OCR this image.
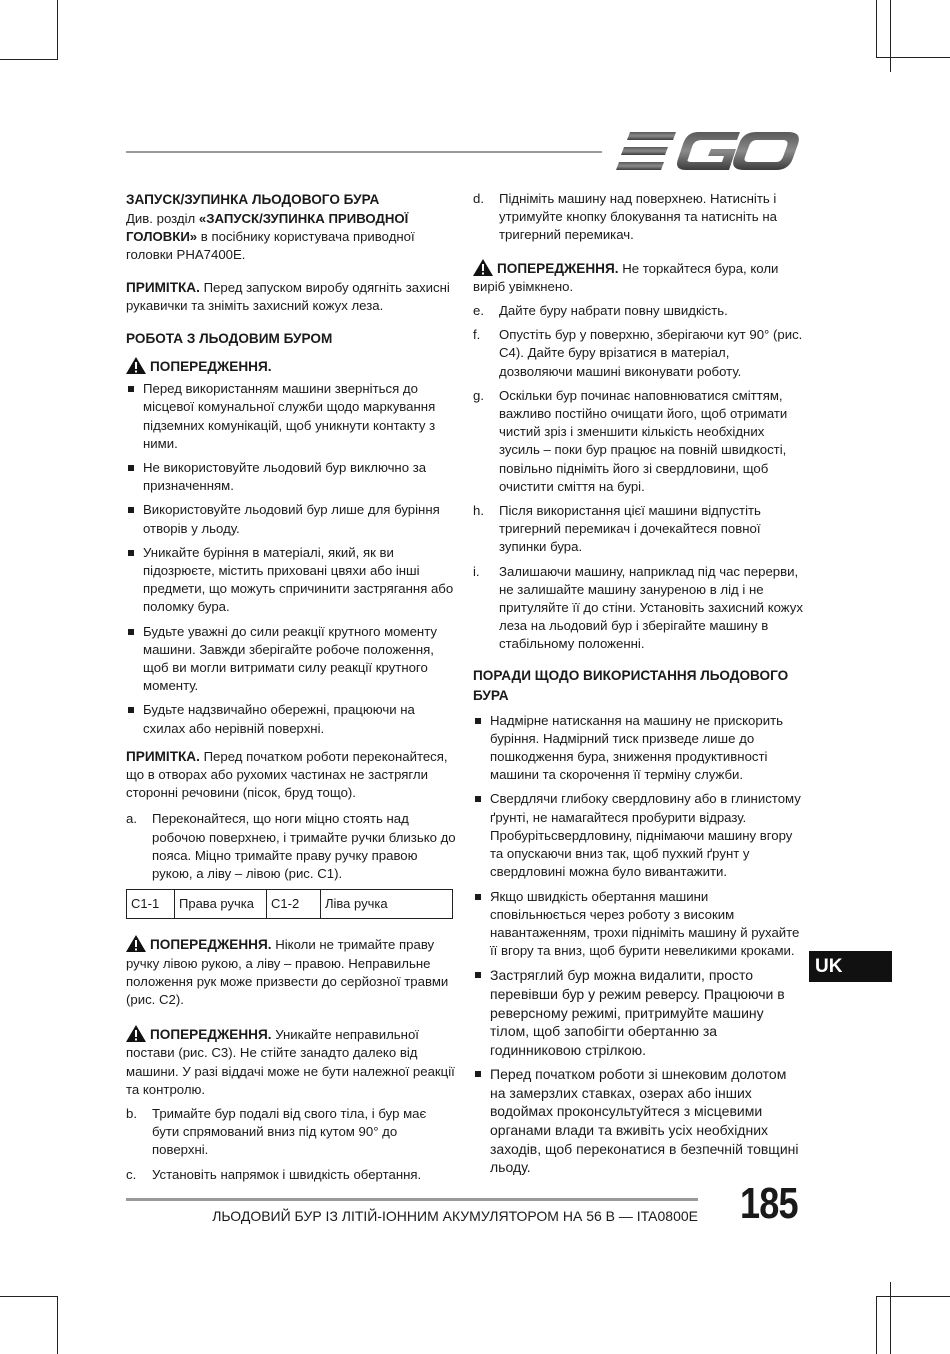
ЗАПУСК/ЗУПИНКА ЛЬОДОВОГО БУРА
Див. розділ «ЗАПУСК/ЗУПИНКА ПРИВОДНОЇ ГОЛОВКИ» в посібнику користувача приводної головки PHA7400E.
ПРИМІТКА. Перед запуском виробу одягніть захисні рукавички та зніміть захисний кожух леза.
РОБОТА З ЛЬОДОВИМ БУРОМ
ПОПЕРЕДЖЕННЯ.
Перед використанням машини зверніться до місцевої комунальної служби щодо маркування підземних комунікацій, щоб уникнути контакту з ними.
Не використовуйте льодовий бур виключно за призначенням.
Використовуйте льодовий бур лише для буріння отворів у льоду.
Уникайте буріння в матеріалі, який, як ви підозрюєте, містить приховані цвяхи або інші предмети, що можуть спричинити застрягання або поломку бура.
Будьте уважні до сили реакції крутного моменту машини. Завжди зберігайте робоче положення, щоб ви могли витримати силу реакції крутного моменту.
Будьте надзвичайно обережні, працюючи на схилах або нерівній поверхні.
ПРИМІТКА. Перед початком роботи переконайтеся, що в отворах або рухомих частинах не застрягли сторонні речовини (пісок, бруд тощо).
a. Переконайтеся, що ноги міцно стоять над робочою поверхнею, і тримайте ручки близько до пояса. Міцно тримайте праву ручку правою рукою, а ліву – лівою (рис. C1).
C1-1	Права ручка	C1-2	Ліва ручка
ПОПЕРЕДЖЕННЯ. Ніколи не тримайте праву ручку лівою рукою, а ліву – правою. Неправильне положення рук може призвести до серйозної травми (рис. C2).
ПОПЕРЕДЖЕННЯ. Уникайте неправильної постави (рис. C3). Не стійте занадто далеко від машини. У разі віддачі може не бути належної реакції та контролю.
b. Тримайте бур подалі від свого тіла, і бур має бути спрямований вниз під кутом 90° до поверхні.
c. Установіть напрямок і швидкість обертання.
d. Підніміть машину над поверхнею. Натисніть і утримуйте кнопку блокування та натисніть на тригерний перемикач.
ПОПЕРЕДЖЕННЯ. Не торкайтеся бура, коли виріб увімкнено.
e. Дайте буру набрати повну швидкість.
f. Опустіть бур у поверхню, зберігаючи кут 90° (рис. C4). Дайте буру врізатися в матеріал, дозволяючи машині виконувати роботу.
g. Оскільки бур починає наповнюватися сміттям, важливо постійно очищати його, щоб отримати чистий зріз і зменшити кількість необхідних зусиль – поки бур працює на повній швидкості, повільно підніміть його зі свердловини, щоб очистити сміття на бурі.
h. Після використання цієї машини відпустіть тригерний перемикач і дочекайтеся повної зупинки бура.
i. Залишаючи машину, наприклад під час перерви, не залишайте машину зануреною в лід і не притуляйте її до стіни. Установіть захисний кожух леза на льодовий бур і зберігайте машину в стабільному положенні.
ПОРАДИ ЩОДО ВИКОРИСТАННЯ ЛЬОДОВОГО БУРА
Надмірне натискання на машину не прискорить буріння. Надмірний тиск призведе лише до пошкодження бура, зниження продуктивності машини та скорочення її терміну служби.
Свердлячи глибоку свердловину або в глинистому ґрунті, не намагайтеся пробурити відразу. Пробурітьсвердловину, піднімаючи машину вгору та опускаючи вниз так, щоб пухкий ґрунт у свердловині можна було вивантажити.
Якщо швидкість обертання машини сповільнюється через роботу з високим навантаженням, трохи підніміть машину й рухайте її вгору та вниз, щоб бурити невеликими кроками.
Застряглий бур можна видалити, просто перевівши бур у режим реверсу. Працюючи в реверсному режимі, притримуйте машину тілом, щоб запобігти обертанню за годинниковою стрілкою.
Перед початком роботи зі шнековим долотом на замерзлих ставках, озерах або інших водоймах проконсультуйтеся з місцевими органами влади та вживіть усіх необхідних заходів, щоб переконатися в безпечній товщині льоду.
UK
ЛЬОДОВИЙ БУР ІЗ ЛІТІЙ-ІОННИМ АКУМУЛЯТОРОМ НА 56 В — ITA0800E 185
